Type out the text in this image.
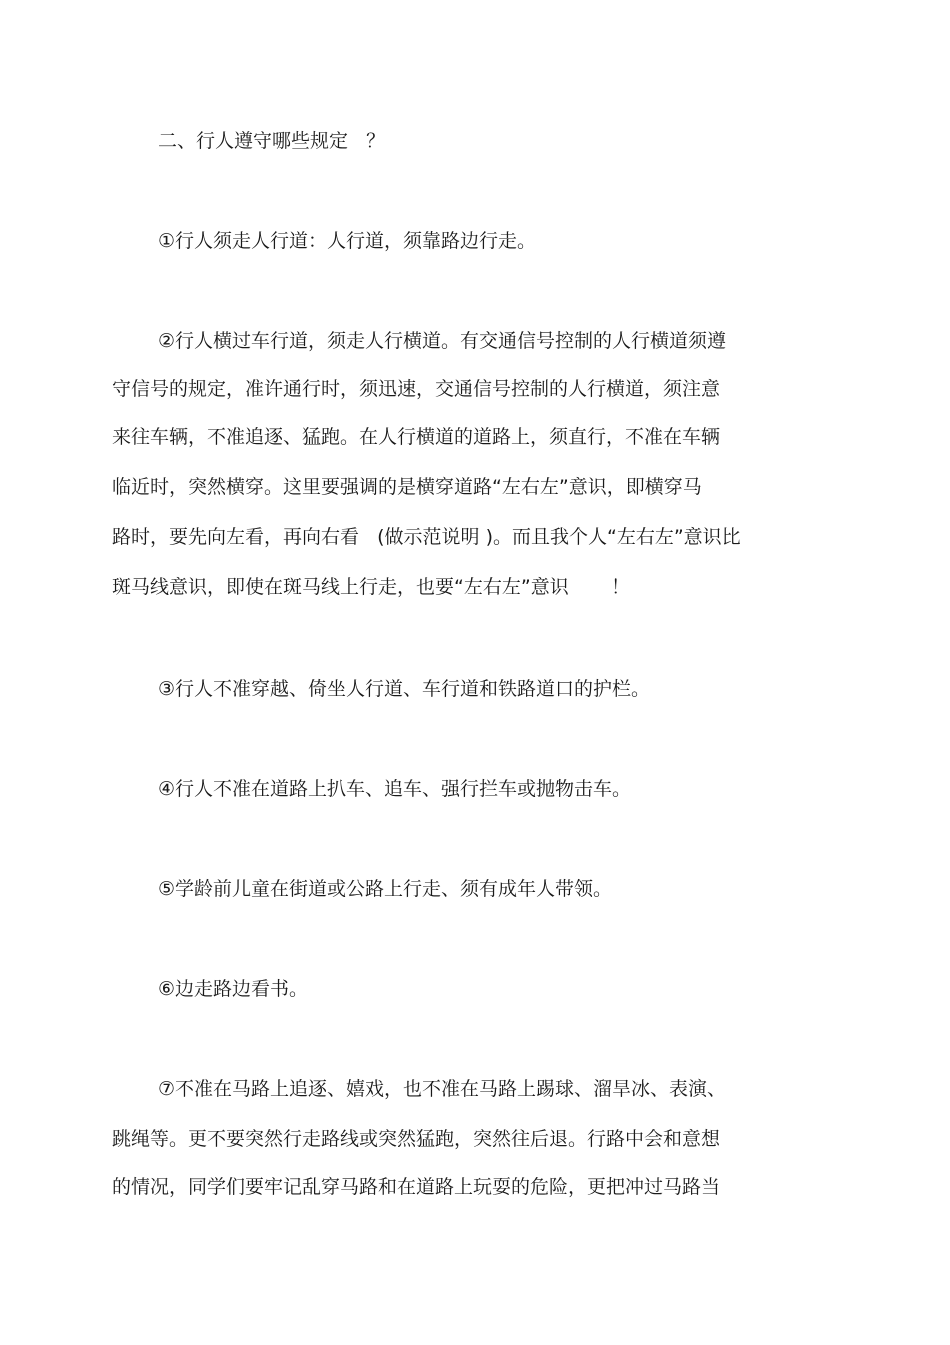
二、行人遵守哪些规定   ？

①行人须走人行道：人行道，须靠路边行走。

②行人横过车行道，须走人行横道。有交通信号控制的人行横道须遵

守信号的规定，准许通行时，须迅速，交通信号控制的人行横道，须注意

来往车辆，不准追逐、猛跑。在人行横道的道路上，须直行，不准在车辆

临近时，突然横穿。这里要强调的是横穿道路“左右左”意识，即横穿马

路时，要先向左看，再向右看   (做示范说明 )。而且我个人“左右左”意识比

斑马线意识，即使在斑马线上行走，也要“左右左”意识       ！

③行人不准穿越、倚坐人行道、车行道和铁路道口的护栏。

④行人不准在道路上扒车、追车、强行拦车或抛物击车。

⑤学龄前儿童在街道或公路上行走、须有成年人带领。

⑥边走路边看书。

⑦不准在马路上追逐、嬉戏，也不准在马路上踢球、溜旱冰、表演、

跳绳等。更不要突然行走路线或突然猛跑，突然往后退。行路中会和意想

的情况，同学们要牢记乱穿马路和在道路上玩耍的危险，更把冲过马路当
